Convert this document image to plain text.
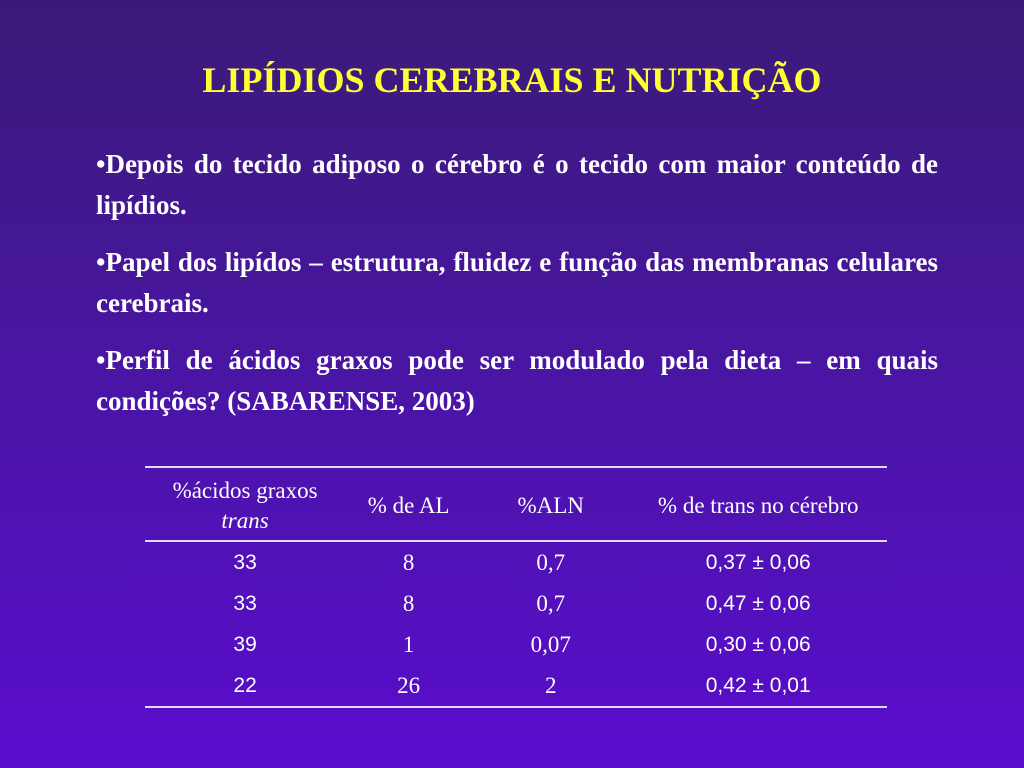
LIPÍDIOS CEREBRAIS E NUTRIÇÃO

• Depois do tecido adiposo o cérebro é o tecido com maior conteúdo de lipídios.

• Papel dos lipídos – estrutura, fluidez e função das membranas celulares cerebrais.

• Perfil de ácidos graxos pode ser modulado pela dieta – em quais condições? (SABARENSE, 2003)

%ácidos graxos trans	% de AL	%ALN	% de trans no cérebro
33	8	0,7	0,37 ± 0,06
33	8	0,7	0,47 ± 0,06
39	1	0,07	0,30 ± 0,06
22	26	2	0,42 ± 0,01
